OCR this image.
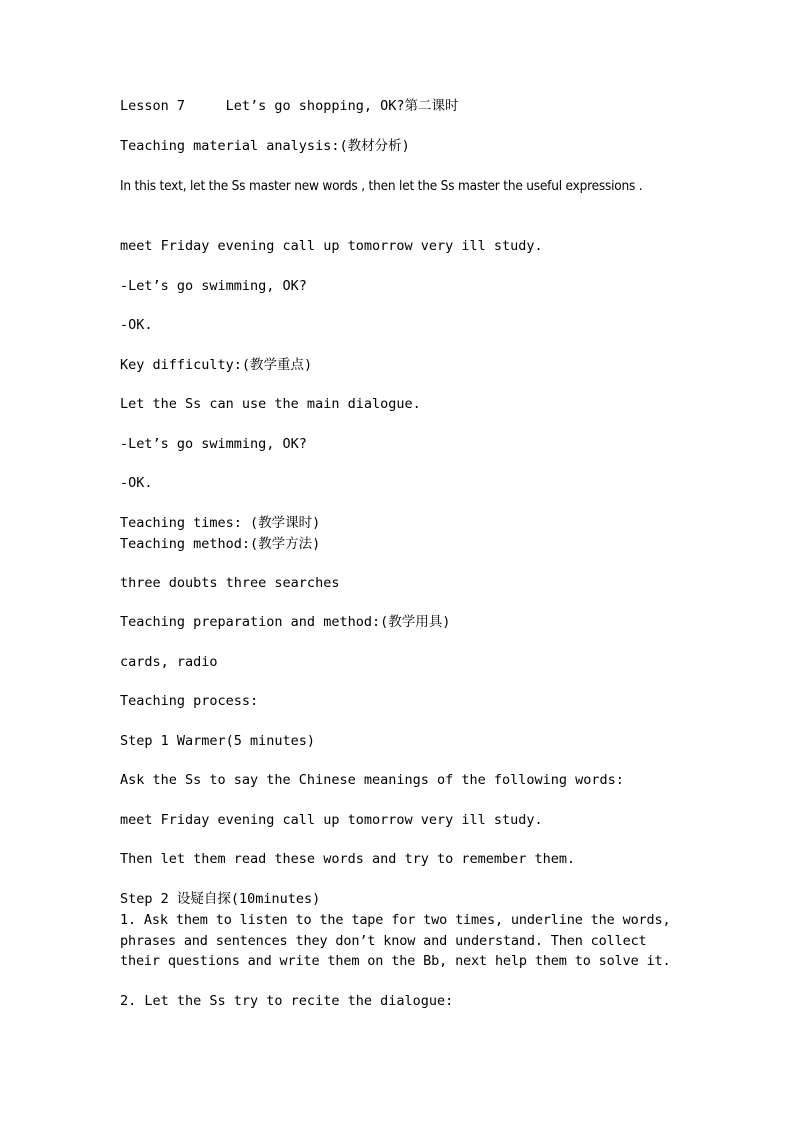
Lesson 7     Let’s go shopping, OK?第二课时
Teaching material analysis:(教材分析)
In this text, let the Ss master new words , then let the Ss master the useful expressions .
meet Friday evening call up tomorrow very ill study.
-Let’s go swimming, OK?
-OK.
Key difficulty:(教学重点)
Let the Ss can use the main dialogue.
-Let’s go swimming, OK?
-OK.
Teaching times: (教学课时)
Teaching method:(教学方法)
three doubts three searches
Teaching preparation and method:(教学用具)
cards, radio
Teaching process:
Step 1 Warmer(5 minutes)
Ask the Ss to say the Chinese meanings of the following words:
meet Friday evening call up tomorrow very ill study.
Then let them read these words and try to remember them.
Step 2 设疑自探(10minutes)
1. Ask them to listen to the tape for two times, underline the words, phrases and sentences they don’t know and understand. Then collect their questions and write them on the Bb, next help them to solve it.
2. Let the Ss try to recite the dialogue:
